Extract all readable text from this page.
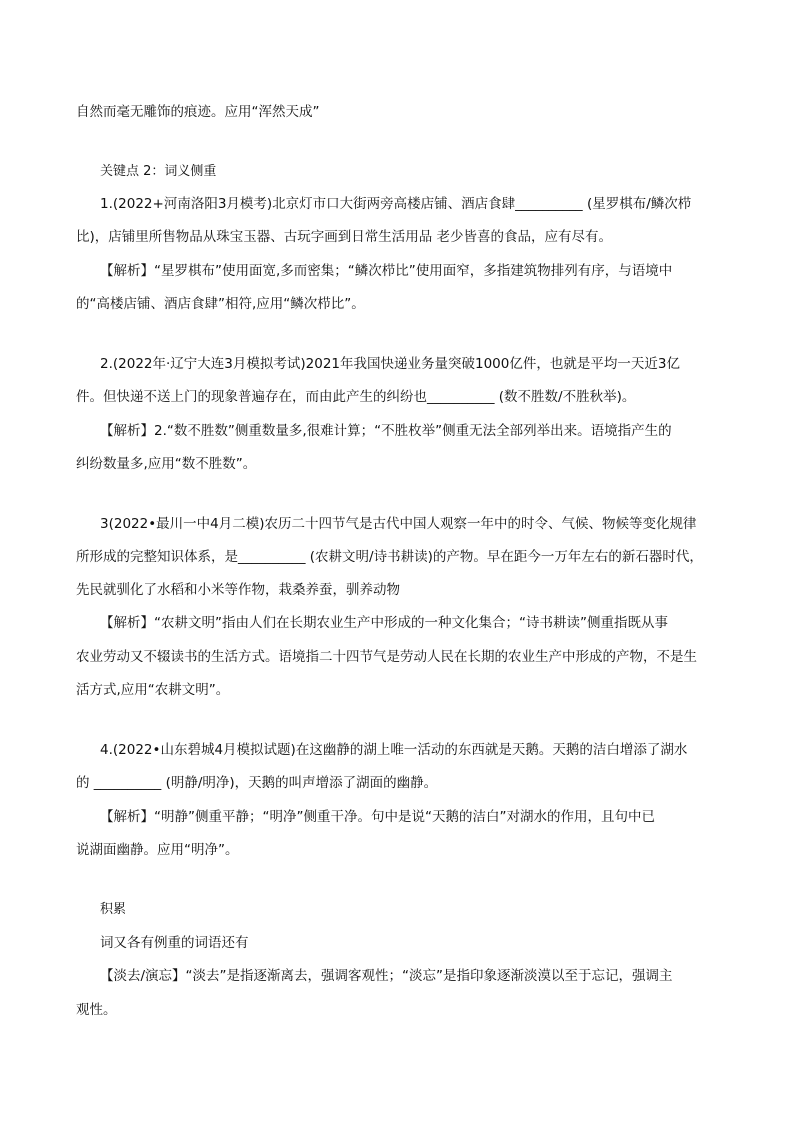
自然而毫无雕饰的痕迹。应用“浑然天成”
关键点 2：词义侧重
1.(2022+河南洛阳3月模考)北京灯市口大街两旁高楼店铺、酒店食肆__________ (星罗棋布/鳞次栉
比)，店铺里所售物品从珠宝玉器、古玩字画到日常生活用品 老少皆喜的食品，应有尽有。
【解析】“星罗棋布”使用面宽,多而密集；“鳞次栉比”使用面窄，多指建筑物排列有序，与语境中
的“高楼店铺、酒店食肆”相符,应用“鳞次栉比”。
2.(2022年·辽宁大连3月模拟考试)2021年我国快递业务量突破1000亿件，也就是平均一天近3亿
件。但快递不送上门的现象普遍存在，而由此产生的纠纷也__________ (数不胜数/不胜秋举)。
【解析】2.“数不胜数”侧重数量多,很难计算；“不胜枚举”侧重无法全部列举出来。语境指产生的
纠纷数量多,应用“数不胜数”。
3(2022•最川一中4月二模)农历二十四节气是古代中国人观察一年中的时令、气候、物候等变化规律
所形成的完整知识体系，是__________ (农耕文明/诗书耕读)的产物。早在距今一万年左右的新石器时代，
先民就驯化了水稻和小米等作物，栽桑养蚕，驯养动物
【解析】“农耕文明”指由人们在长期农业生产中形成的一种文化集合；“诗书耕读”侧重指既从事
农业劳动又不辍读书的生活方式。语境指二十四节气是劳动人民在长期的农业生产中形成的产物，不是生
活方式,应用“农耕文明”。
4.(2022•山东碧城4月模拟试题)在这幽静的湖上唯一活动的东西就是天鹅。天鹅的洁白增添了湖水
的 __________ (明静/明净)，天鹅的叫声增添了湖面的幽静。
【解析】“明静”侧重平静；“明净”侧重干净。句中是说“天鹅的洁白”对湖水的作用，且句中已
说湖面幽静。应用“明净”。
积累
词又各有例重的词语还有
【淡去/演忘】“淡去”是指逐渐离去，强调客观性；“淡忘”是指印象逐渐淡漠以至于忘记，强调主
观性。
